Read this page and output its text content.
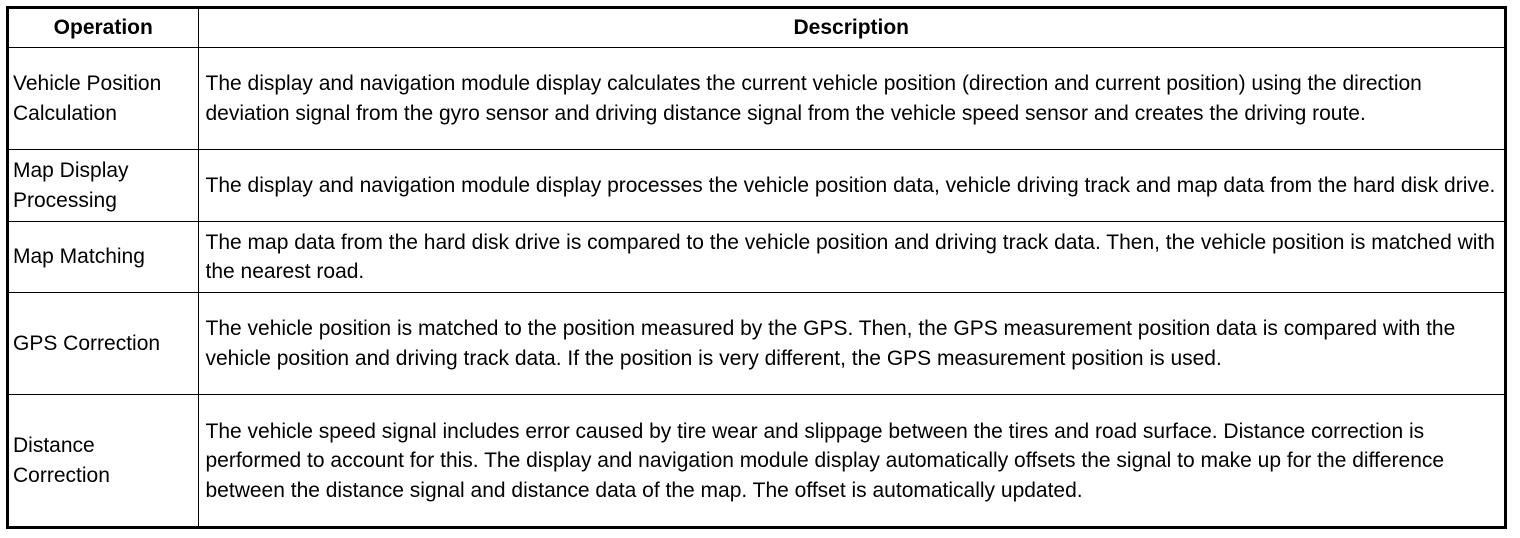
Operation	Description
Vehicle Position Calculation	The display and navigation module display calculates the current vehicle position (direction and current position) using the direction deviation signal from the gyro sensor and driving distance signal from the vehicle speed sensor and creates the driving route.
Map Display Processing	The display and navigation module display processes the vehicle position data, vehicle driving track and map data from the hard disk drive.
Map Matching	The map data from the hard disk drive is compared to the vehicle position and driving track data. Then, the vehicle position is matched with the nearest road.
GPS Correction	The vehicle position is matched to the position measured by the GPS. Then, the GPS measurement position data is compared with the vehicle position and driving track data. If the position is very different, the GPS measurement position is used.
Distance Correction	The vehicle speed signal includes error caused by tire wear and slippage between the tires and road surface. Distance correction is performed to account for this. The display and navigation module display automatically offsets the signal to make up for the difference between the distance signal and distance data of the map. The offset is automatically updated.
